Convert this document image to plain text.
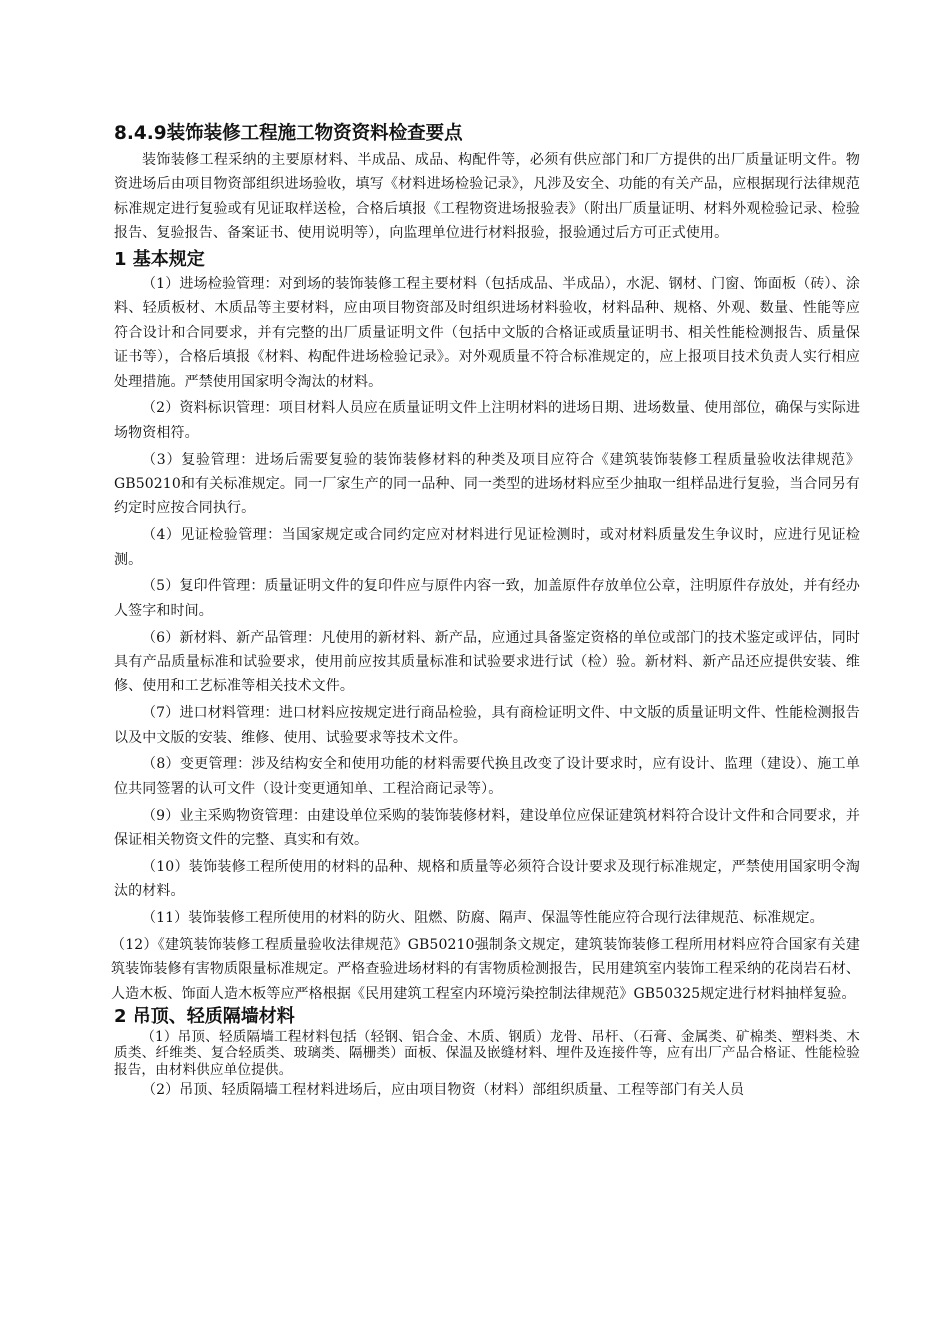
8.4.9装饰装修工程施工物资资料检查要点

装饰装修工程采纳的主要原材料、半成品、成品、构配件等，必须有供应部门和厂方提供的出厂质量证明文件。物资进场后由项目物资部组织进场验收，填写《材料进场检验记录》，凡涉及安全、功能的有关产品，应根据现行法律规范标准规定进行复验或有见证取样送检，合格后填报《工程物资进场报验表》（附出厂质量证明、材料外观检验记录、检验报告、复验报告、备案证书、使用说明等），向监理单位进行材料报验，报验通过后方可正式使用。

1 基本规定

（1）进场检验管理：对到场的装饰装修工程主要材料（包括成品、半成品），水泥、钢材、门窗、饰面板（砖）、涂料、轻质板材、木质品等主要材料，应由项目物资部及时组织进场材料验收，材料品种、规格、外观、数量、性能等应符合设计和合同要求，并有完整的出厂质量证明文件（包括中文版的合格证或质量证明书、相关性能检测报告、质量保证书等），合格后填报《材料、构配件进场检验记录》。对外观质量不符合标准规定的，应上报项目技术负责人实行相应处理措施。严禁使用国家明令淘汰的材料。

（2）资料标识管理：项目材料人员应在质量证明文件上注明材料的进场日期、进场数量、使用部位，确保与实际进场物资相符。

（3）复验管理：进场后需要复验的装饰装修材料的种类及项目应符合《建筑装饰装修工程质量验收法律规范》GB50210和有关标准规定。同一厂家生产的同一品种、同一类型的进场材料应至少抽取一组样品进行复验，当合同另有约定时应按合同执行。

（4）见证检验管理：当国家规定或合同约定应对材料进行见证检测时，或对材料质量发生争议时，应进行见证检测。

（5）复印件管理：质量证明文件的复印件应与原件内容一致，加盖原件存放单位公章，注明原件存放处，并有经办人签字和时间。

（6）新材料、新产品管理：凡使用的新材料、新产品，应通过具备鉴定资格的单位或部门的技术鉴定或评估，同时具有产品质量标准和试验要求，使用前应按其质量标准和试验要求进行试（检）验。新材料、新产品还应提供安装、维修、使用和工艺标准等相关技术文件。

（7）进口材料管理：进口材料应按规定进行商品检验，具有商检证明文件、中文版的质量证明文件、性能检测报告以及中文版的安装、维修、使用、试验要求等技术文件。

（8）变更管理：涉及结构安全和使用功能的材料需要代换且改变了设计要求时，应有设计、监理（建设）、施工单位共同签署的认可文件（设计变更通知单、工程洽商记录等）。

（9）业主采购物资管理：由建设单位采购的装饰装修材料，建设单位应保证建筑材料符合设计文件和合同要求，并保证相关物资文件的完整、真实和有效。

（10）装饰装修工程所使用的材料的品种、规格和质量等必须符合设计要求及现行标准规定，严禁使用国家明令淘汰的材料。

（11）装饰装修工程所使用的材料的防火、阻燃、防腐、隔声、保温等性能应符合现行法律规范、标准规定。

（12）《建筑装饰装修工程质量验收法律规范》GB50210强制条文规定，建筑装饰装修工程所用材料应符合国家有关建筑装饰装修有害物质限量标准规定。严格查验进场材料的有害物质检测报告，民用建筑室内装饰工程采纳的花岗岩石材、人造木板、饰面人造木板等应严格根据《民用建筑工程室内环境污染控制法律规范》GB50325规定进行材料抽样复验。

2 吊顶、轻质隔墙材料

（1）吊顶、轻质隔墙工程材料包括（轻钢、铝合金、木质、钢质）龙骨、吊杆、（石膏、金属类、矿棉类、塑料类、木质类、纤维类、复合轻质类、玻璃类、隔栅类）面板、保温及嵌缝材料、埋件及连接件等，应有出厂产品合格证、性能检验报告，由材料供应单位提供。

（2）吊顶、轻质隔墙工程材料进场后，应由项目物资（材料）部组织质量、工程等部门有关人员
